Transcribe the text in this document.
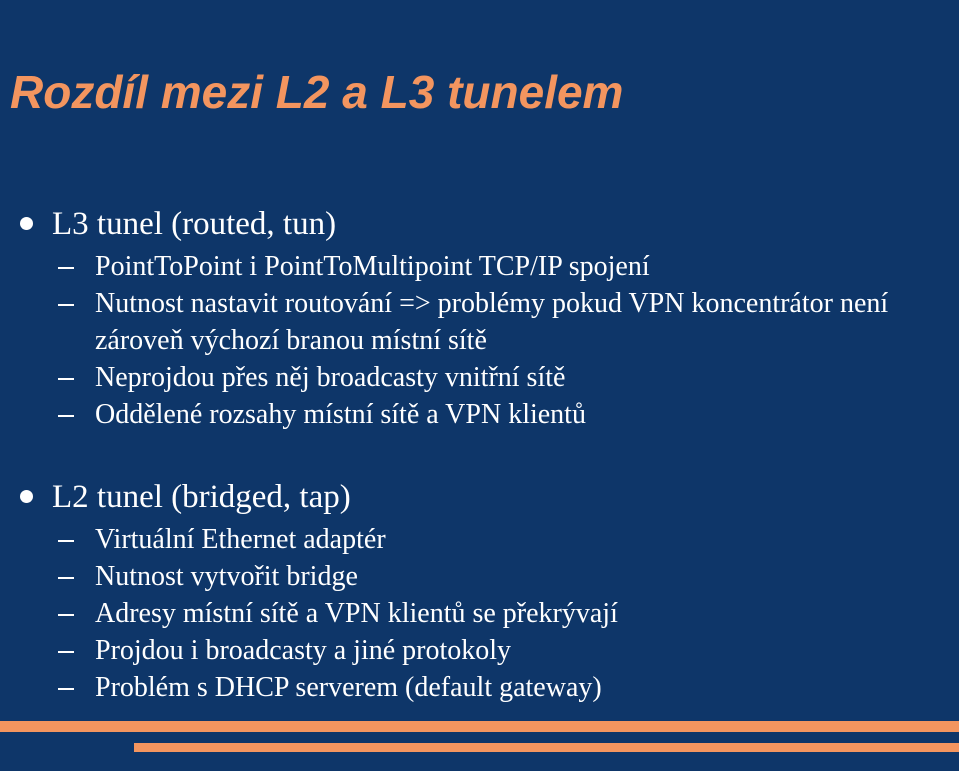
Rozdíl mezi L2 a L3 tunelem
L3 tunel (routed, tun)
PointToPoint i PointToMultipoint TCP/IP spojení
Nutnost nastavit routování => problémy pokud VPN koncentrátor není zároveň výchozí branou místní sítě
Neprojdou přes něj broadcasty vnitřní sítě
Oddělené rozsahy místní sítě a VPN klientů
L2 tunel (bridged, tap)
Virtuální Ethernet adaptér
Nutnost vytvořit bridge
Adresy místní sítě a VPN klientů se překrývají
Projdou i broadcasty a jiné protokoly
Problém s DHCP serverem (default gateway)
